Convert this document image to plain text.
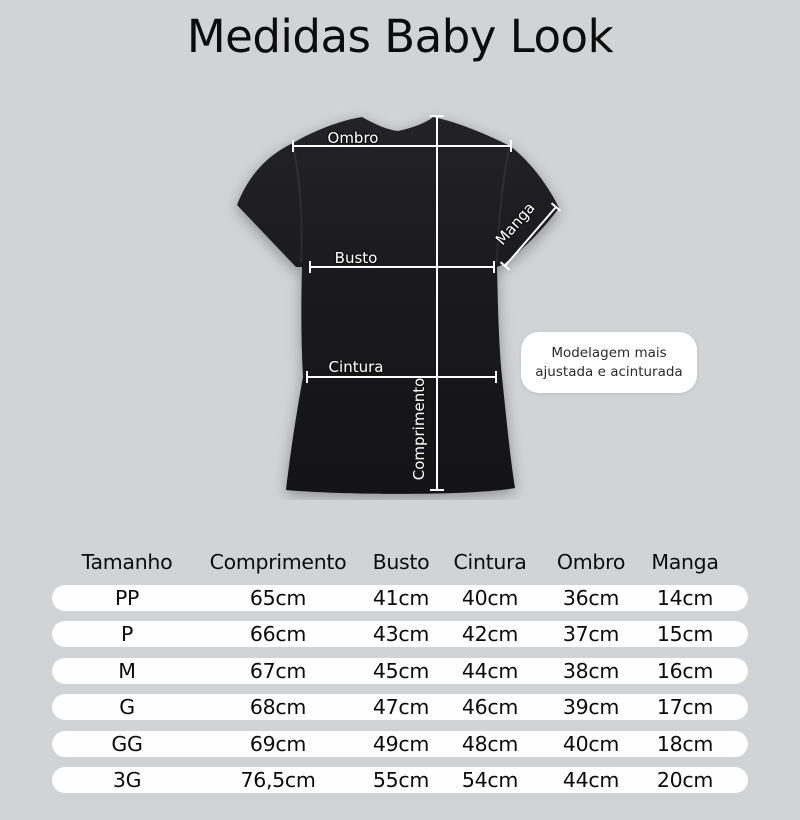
Medidas Baby Look
Ombro
Comprimento
Busto
Cintura
Manga
Modelagem mais
ajustada e acinturada
Tamanho Comprimento Busto Cintura Ombro Manga
PP	65cm	41cm 40cm 36cm 14cm
P	66cm	43cm 42cm 37cm 15cm
M	67cm	45cm 44cm 38cm 16cm
G	68cm	47cm 46cm 39cm 17cm
GG	69cm	49cm 48cm 40cm 18cm
3G	76,5cm	55cm 54cm 44cm 20cm
